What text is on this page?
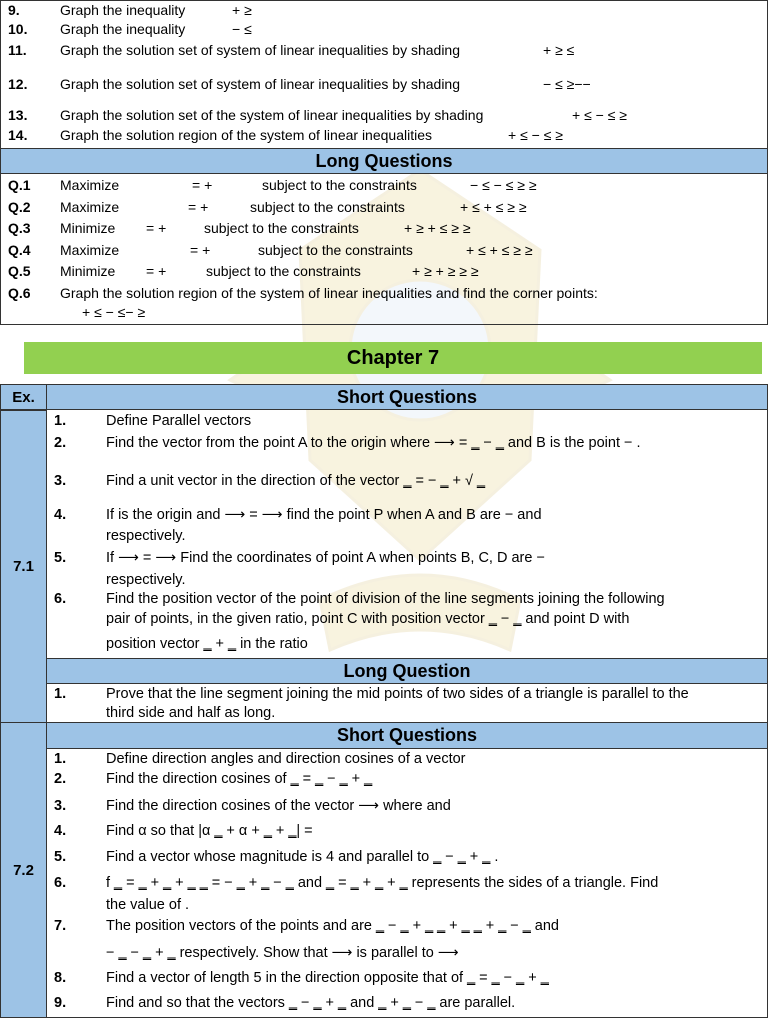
9.	Graph the inequality	+ ≥
10. Graph the inequality	− ≤
11. Graph the solution set of system of linear inequalities by shading	+ ≥ ≤
12. Graph the solution set of system of linear inequalities by shading	− ≤ ≥−−
13. Graph the solution set of the system of linear inequalities by shading	+ ≤ − ≤ ≥
14. Graph the solution region of the system of linear inequalities	+ ≤ − ≤ ≥
Long Questions
Q.1 Maximize	= +	subject to the constraints	− ≤ − ≤ ≥ ≥
Q.2 Maximize	= +	subject to the constraints	+ ≤ + ≤ ≥ ≥
Q.3 Minimize = +	subject to the constraints	+ ≥ + ≤ ≥ ≥
Q.4 Maximize	= +	subject to the constraints	+ ≤ + ≤ ≥ ≥
Q.5 Minimize = +	subject to the constraints	+ ≥ + ≥ ≥ ≥
Q.6 Graph the solution region of the system of linear inequalities and find the corner points:
+ ≤ − ≤− ≥
Chapter 7
Ex.	Short Questions
7.1
1.	Define Parallel vectors
2.	Find the vector from the point A to the origin where ⟶ = ‗ − ‗ and B is the point − .
3.	Find a unit vector in the direction of the vector ‗ = − ‗ + √ ‗
4.	If is the origin and ⟶ = ⟶ find the point P when A and B are − and
respectively.
5.	If ⟶ = ⟶ Find the coordinates of point A when points B, C, D are −
respectively.
6.	Find the position vector of the point of division of the line segments joining the following
pair of points, in the given ratio, point C with position vector ‗ − ‗ and point D with
position vector ‗ + ‗ in the ratio
Long Question
1.	Prove that the line segment joining the mid points of two sides of a triangle is parallel to the
third side and half as long.
7.2
Short Questions
1.	Define direction angles and direction cosines of a vector
2.	Find the direction cosines of ‗ = ‗ − ‗ + ‗
3.	Find the direction cosines of the vector ⟶ where and
4.	Find α so that |α ‗ + α + ‗ + ‗| =
5.	Find a vector whose magnitude is 4 and parallel to ‗ − ‗ + ‗ .
6.	f ‗ = ‗ + ‗ + ‗ ‗ = − ‗ + ‗ − ‗ and ‗ = ‗ + ‗ + ‗ represents the sides of a triangle. Find
the value of .
7.	The position vectors of the points and are ‗ − ‗ + ‗ ‗ + ‗ ‗ + ‗ − ‗ and
− ‗ − ‗ + ‗ respectively. Show that ⟶ is parallel to ⟶
8.	Find a vector of length 5 in the direction opposite that of ‗ = ‗ − ‗ + ‗
9.	Find and so that the vectors ‗ − ‗ + ‗ and ‗ + ‗ − ‗ are parallel.
